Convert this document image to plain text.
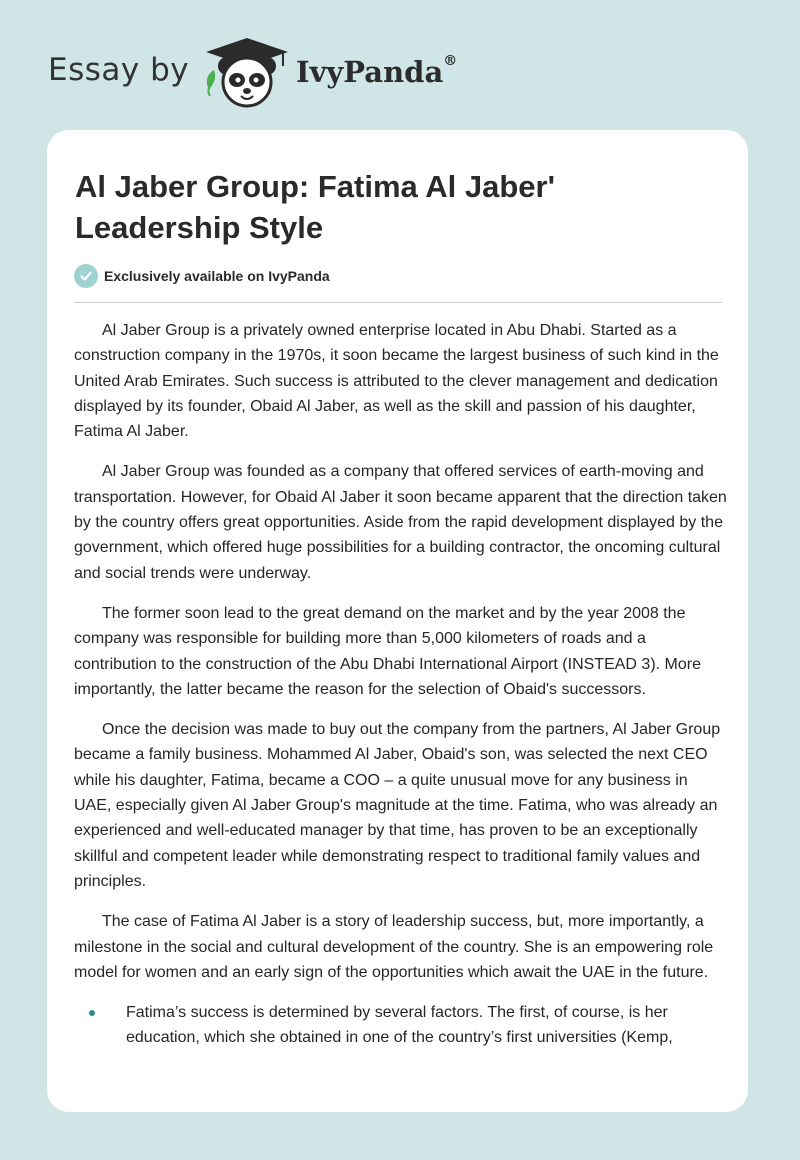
Essay by	IvyPanda®
Al Jaber Group: Fatima Al Jaber' Leadership Style
Exclusively available on IvyPanda

Al Jaber Group is a privately owned enterprise located in Abu Dhabi. Started as a construction company in the 1970s, it soon became the largest business of such kind in the United Arab Emirates. Such success is attributed to the clever management and dedication displayed by its founder, Obaid Al Jaber, as well as the skill and passion of his daughter, Fatima Al Jaber.

Al Jaber Group was founded as a company that offered services of earth-moving and transportation. However, for Obaid Al Jaber it soon became apparent that the direction taken by the country offers great opportunities. Aside from the rapid development displayed by the government, which offered huge possibilities for a building contractor, the oncoming cultural and social trends were underway.

The former soon lead to the great demand on the market and by the year 2008 the company was responsible for building more than 5,000 kilometers of roads and a contribution to the construction of the Abu Dhabi International Airport (INSTEAD 3). More importantly, the latter became the reason for the selection of Obaid's successors.

Once the decision was made to buy out the company from the partners, Al Jaber Group became a family business. Mohammed Al Jaber, Obaid's son, was selected the next CEO while his daughter, Fatima, became a COO – a quite unusual move for any business in UAE, especially given Al Jaber Group's magnitude at the time. Fatima, who was already an experienced and well-educated manager by that time, has proven to be an exceptionally skillful and competent leader while demonstrating respect to traditional family values and principles.

The case of Fatima Al Jaber is a story of leadership success, but, more importantly, a milestone in the social and cultural development of the country. She is an empowering role model for women and an early sign of the opportunities which await the UAE in the future.

Fatima’s success is determined by several factors. The first, of course, is her education, which she obtained in one of the country’s first universities (Kemp,
